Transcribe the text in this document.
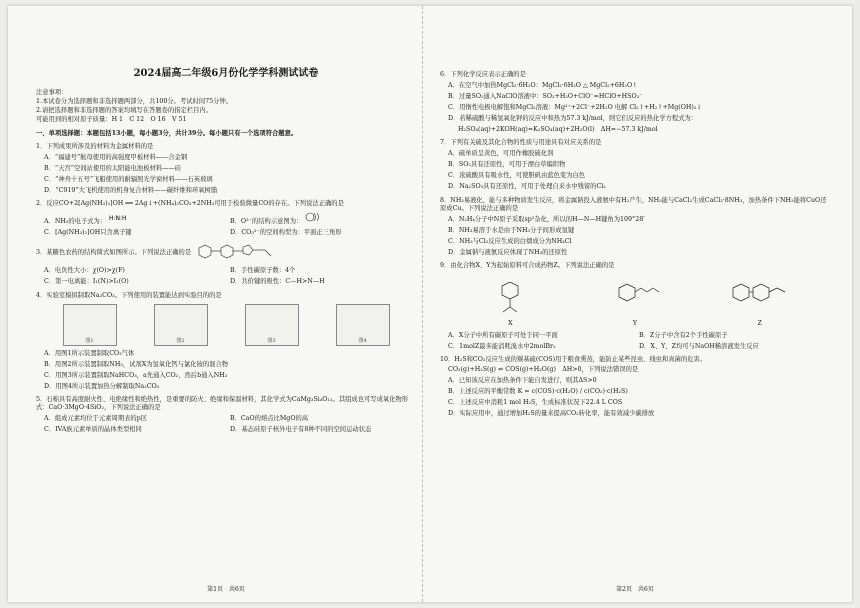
2024届高二年级6月份化学学科测试试卷
注意事项：
1.本试卷分为选择题和非选择题两部分，共100分。考试时间75分钟。
2.请把选择题和非选择题的答案均填写在答题卷的指定栏目内。
可能用到的相对原子质量：H 1　C 12　O 16　V 51
一、单项选择题：本题包括13小题，每小题3分，共计39分。每小题只有一个选项符合题意。
1．下列成果所涉及的材料为金属材料的是
A．“福建号”航母使用的高强度甲板材料——合金钢
B．“天宫”空间站使用的太阳能电池板材料——硅
C．“神舟十五号”飞船使用的耐辐照光学窗材料——石英玻璃
D．“C919”大飞机使用的机身复合材料——碳纤维和环氧树脂
2．反应CO+2[Ag(NH₃)₂]OH ══ 2Ag↓+(NH₄)₂CO₃+2NH₃可用于检验微量CO的存在。下列说法正确的是
A．NH₃的电子式为： H:N:H	B．O²⁻的结构示意图为：
C．[Ag(NH₃)₂]OH只含离子键	D．CO₃²⁻的空间构型为：平面正三角形
3．某糖色农药的结构简式如图所示。下列说法正确的是
A．电负性大小：χ(O)>χ(F)	B．手性碳原子数：4个
C．第一电离能：I₁(N)>I₁(O)	D．共价键的极性：C—H>N—H
4．实验室模拟制取Na₂CO₃。下列使用的装置能达到实验目的的是
图1	图2	图3	图4
A．用图1所示装置制取CO₂气体
B．用图2所示装置制取NH₃，试剂X为氢氧化钙与氯化铵的混合物
C．用图3所示装置制取NaHCO₃，a先通入CO₂，然后b通入NH₃
D．用图4所示装置加热分解制取Na₂CO₃
5．石棉具有高度耐火性、电绝缘性和绝热性，是重要的防火、绝缘和保温材料，其化学式为CaMg₃Si₄O₁₂。其组成也可写成氧化物形式：CaO·3MgO·4SiO₂，下列说法正确的是
A．组成元素均位于元素周期表的p区	B．CaO的熔点比MgO的高
C．IVA族元素单质的晶体类型相同	D．基态硅原子核外电子有8种不同的空间运动状态
第1页　共6页
6．下列化学反应表示正确的是
A．在空气中加热MgCl₂·6H₂O：MgCl₂·6H₂O △ MgCl₂+6H₂O↑
B．过量SO₂通入NaClO溶液中：SO₂+H₂O+ClO⁻=HClO+HSO₃⁻
C．用惰性电极电解饱和MgCl₂溶液：Mg²⁺+2Cl⁻+2H₂O 电解 Cl₂↑+H₂↑+Mg(OH)₂↓
D．若稀硫酸与稀氢氧化钾的反应中和热为57.3 kJ/mol，则它们反应的热化学方程式为：
H₂SO₄(aq)+2KOH(aq)=K₂SO₄(aq)+2H₂O(l)　ΔH=−57.3 kJ/mol
7．下列有关硫及其化合物的性质与用途具有对应关系的是
A．硫单质呈黄色，可用作橡胶硫化剂
B．SO₂具有还原性，可用于漂白草编织物
C．浓硫酸具有吸水性，可使胆矾由蓝色变为白色
D．Na₂SO₃具有还原性，可用于处理自来水中残留的Cl₂
8．NH₃易液化，能与多种物质发生反应，将金属钠投入液氨中有H₂产生，NH₃能与CaCl₂生成CaCl₂·8NH₃，加热条件下NH₃能将CuO还原成Cu。下列说法正确的是
A．N₂H₄分子中N原子采取sp²杂化，所以的H—N—H键角为109°28′
B．NH₃易溶于水是由于NH₃分子间形成氢键
C．NH₃与Cl₂反应生成的白烟成分为NH₄Cl
D．金属钠与液氨反应体现了NH₃的还原性
9．由化合物X、Y为起始原料可合成药物Z。下列说法正确的是
X	Y	Z
A．X分子中所有碳原子可处于同一平面	B．Z分子中含有2个手性碳原子
C．1molZ最多能消耗溴水中2molBr₂	D．X、Y、Z均可与NaOH稀溶液发生反应
10．H₂S和CO₂反应生成的羰基硫(COS)用于粮食熏蒸，能防止某些昆虫、线虫和真菌的危害。
CO₂(g)+H₂S(g) ⇌ COS(g)+H₂O(g)　ΔH>0，下列说法错误的是
A．已知该反应在加热条件下能自发进行，则其ΔS>0
B．上述反应的平衡常数 K = c(COS)·c(H₂O) / c(CO₂)·c(H₂S)
C．上述反应中消耗1 mol H₂S，生成标准状况下22.4 L COS
D．实际应用中，通过增加H₂S的量来提高CO₂转化率，能有效减少碳排放
第2页　共6页
